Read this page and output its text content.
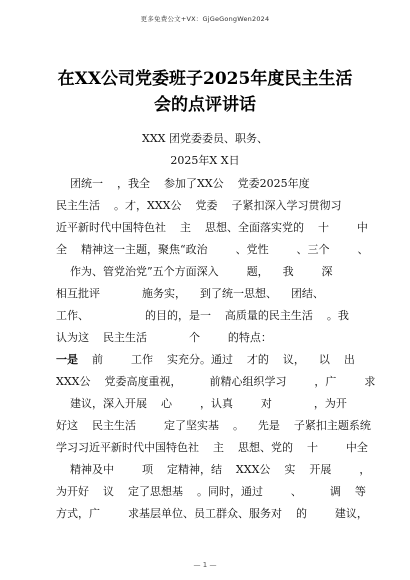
更多免费公文+VX：GjGeGongWen2024
在XX公司党委班子2025年度民主生活
会的点评讲话
XXX 团党委委员、职务、
2025年X X日
团统一    ，我全    参加了XX公    党委2025年度
民主生活    。才，XXX公    党委    子紧扣深入学习贯彻习
近平新时代中国特色社    主    思想、全面落实党的    十        中
全    精神这一主题，聚焦“政治        、党性        、三个        、
作为、管党治党”五个方面深入        题，    我        深
相互批评            施务实，    到了统一思想、    团结、
工作、                的目的，是一    高质量的民主生活    。我
认为这    民主生活            个        的特点：
一是    前        工作    实充分。通过    才的    议，    以    出
XXX公    党委高度重视，        前精心组织学习        ，广        求
建议，深入开展    心        ，认真        对            ，为开
好这    民主生活        定了坚实基    。    先是    子紧扣主题系统
学习习近平新时代中国特色社    主    思想、党的    十        中全
精神及中        项    定精神，结    XXX公    实    开展        ，
为开好    议    定了思想基    。同时，通过        、        调    等
方式，广        求基层单位、员工群众、服务对    的        建议，
— 1 —
